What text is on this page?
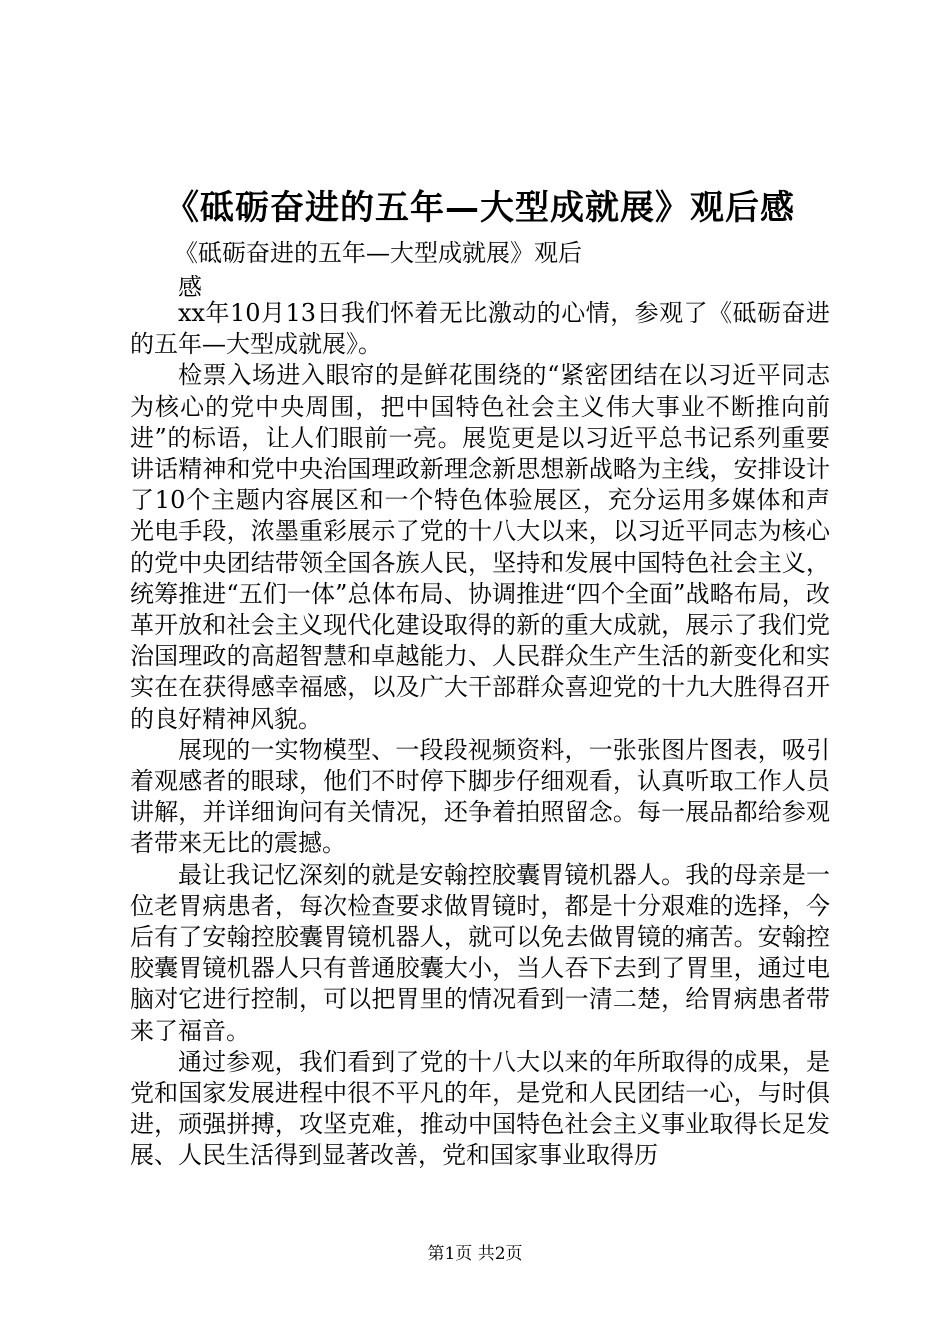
《砥砺奋进的五年—大型成就展》观后感
《砥砺奋进的五年—大型成就展》观后
感

xx年10月13日我们怀着无比激动的心情，参观了《砥砺奋进的五年—大型成就展》。

检票入场进入眼帘的是鲜花围绕的“紧密团结在以习近平同志为核心的党中央周围，把中国特色社会主义伟大事业不断推向前进”的标语，让人们眼前一亮。展览更是以习近平总书记系列重要讲话精神和党中央治国理政新理念新思想新战略为主线，安排设计了10个主题内容展区和一个特色体验展区，充分运用多媒体和声光电手段，浓墨重彩展示了党的十八大以来，以习近平同志为核心的党中央团结带领全国各族人民，坚持和发展中国特色社会主义，统筹推进“五们一体”总体布局、协调推进“四个全面”战略布局，改革开放和社会主义现代化建设取得的新的重大成就，展示了我们党治国理政的高超智慧和卓越能力、人民群众生产生活的新变化和实实在在获得感幸福感，以及广大干部群众喜迎党的十九大胜得召开的良好精神风貌。

展现的一实物模型、一段段视频资料，一张张图片图表，吸引着观感者的眼球，他们不时停下脚步仔细观看，认真听取工作人员讲解，并详细询问有关情况，还争着拍照留念。每一展品都给参观者带来无比的震撼。

最让我记忆深刻的就是安翰控胶囊胃镜机器人。我的母亲是一位老胃病患者，每次检查要求做胃镜时，都是十分艰难的选择，今后有了安翰控胶囊胃镜机器人，就可以免去做胃镜的痛苦。安翰控胶囊胃镜机器人只有普通胶囊大小，当人吞下去到了胃里，通过电脑对它进行控制，可以把胃里的情况看到一清二楚，给胃病患者带来了福音。

通过参观，我们看到了党的十八大以来的年所取得的成果，是党和国家发展进程中很不平凡的年，是党和人民团结一心，与时俱进，顽强拼搏，攻坚克难，推动中国特色社会主义事业取得长足发展、人民生活得到显著改善，党和国家事业取得历

第1页 共2页
